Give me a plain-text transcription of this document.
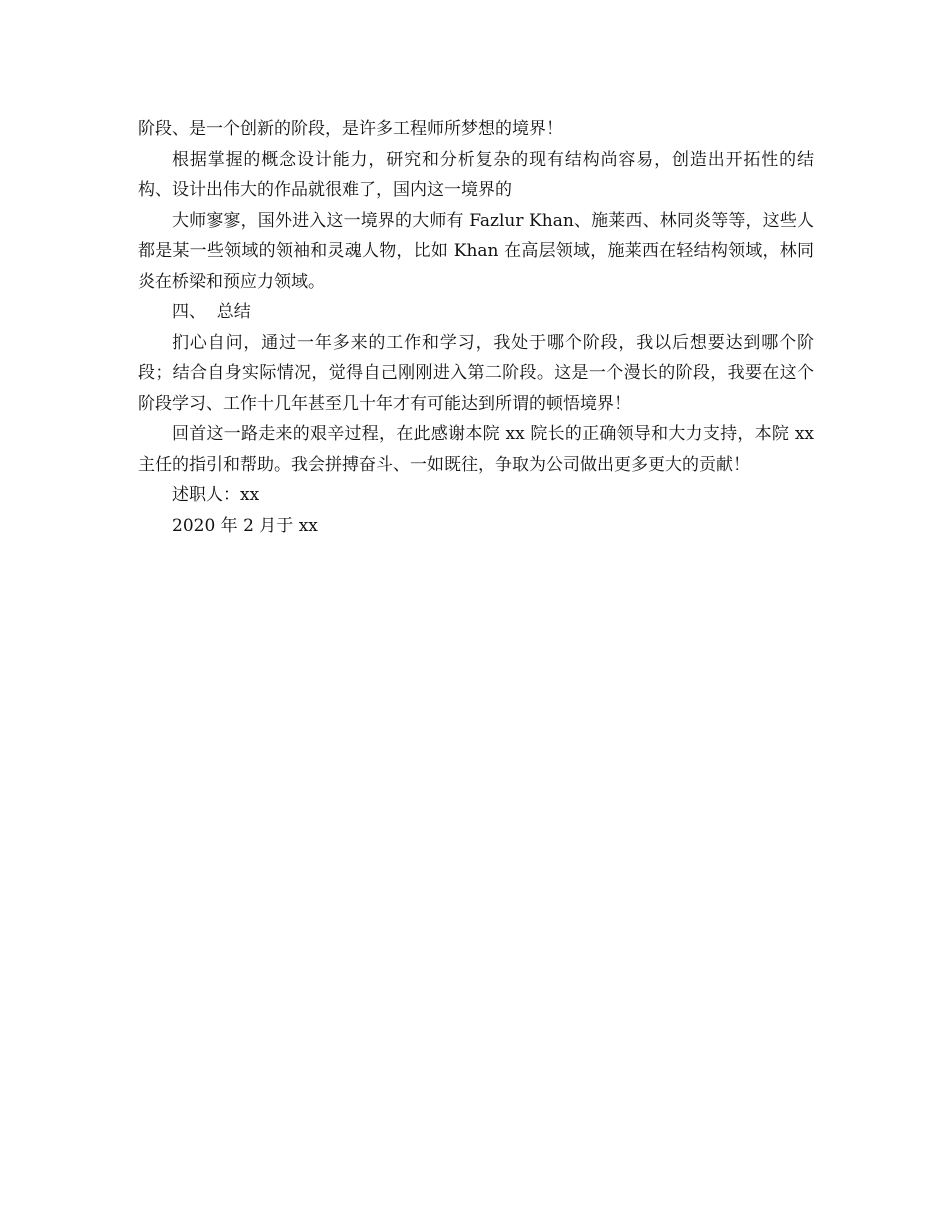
阶段、是一个创新的阶段，是许多工程师所梦想的境界！

根据掌握的概念设计能力，研究和分析复杂的现有结构尚容易，创造出开拓性的结构、设计出伟大的作品就很难了，国内这一境界的

大师寥寥，国外进入这一境界的大师有 Fazlur Khan、施莱西、林同炎等等，这些人都是某一些领域的领袖和灵魂人物，比如 Khan 在高层领域，施莱西在轻结构领域，林同炎在桥梁和预应力领域。

四、  总结

扪心自问，通过一年多来的工作和学习，我处于哪个阶段，我以后想要达到哪个阶段；结合自身实际情况，觉得自己刚刚进入第二阶段。这是一个漫长的阶段，我要在这个阶段学习、工作十几年甚至几十年才有可能达到所谓的顿悟境界！

回首这一路走来的艰辛过程，在此感谢本院 xx 院长的正确领导和大力支持，本院 xx 主任的指引和帮助。我会拼搏奋斗、一如既往，争取为公司做出更多更大的贡献！

述职人：xx

2020 年 2 月于 xx
